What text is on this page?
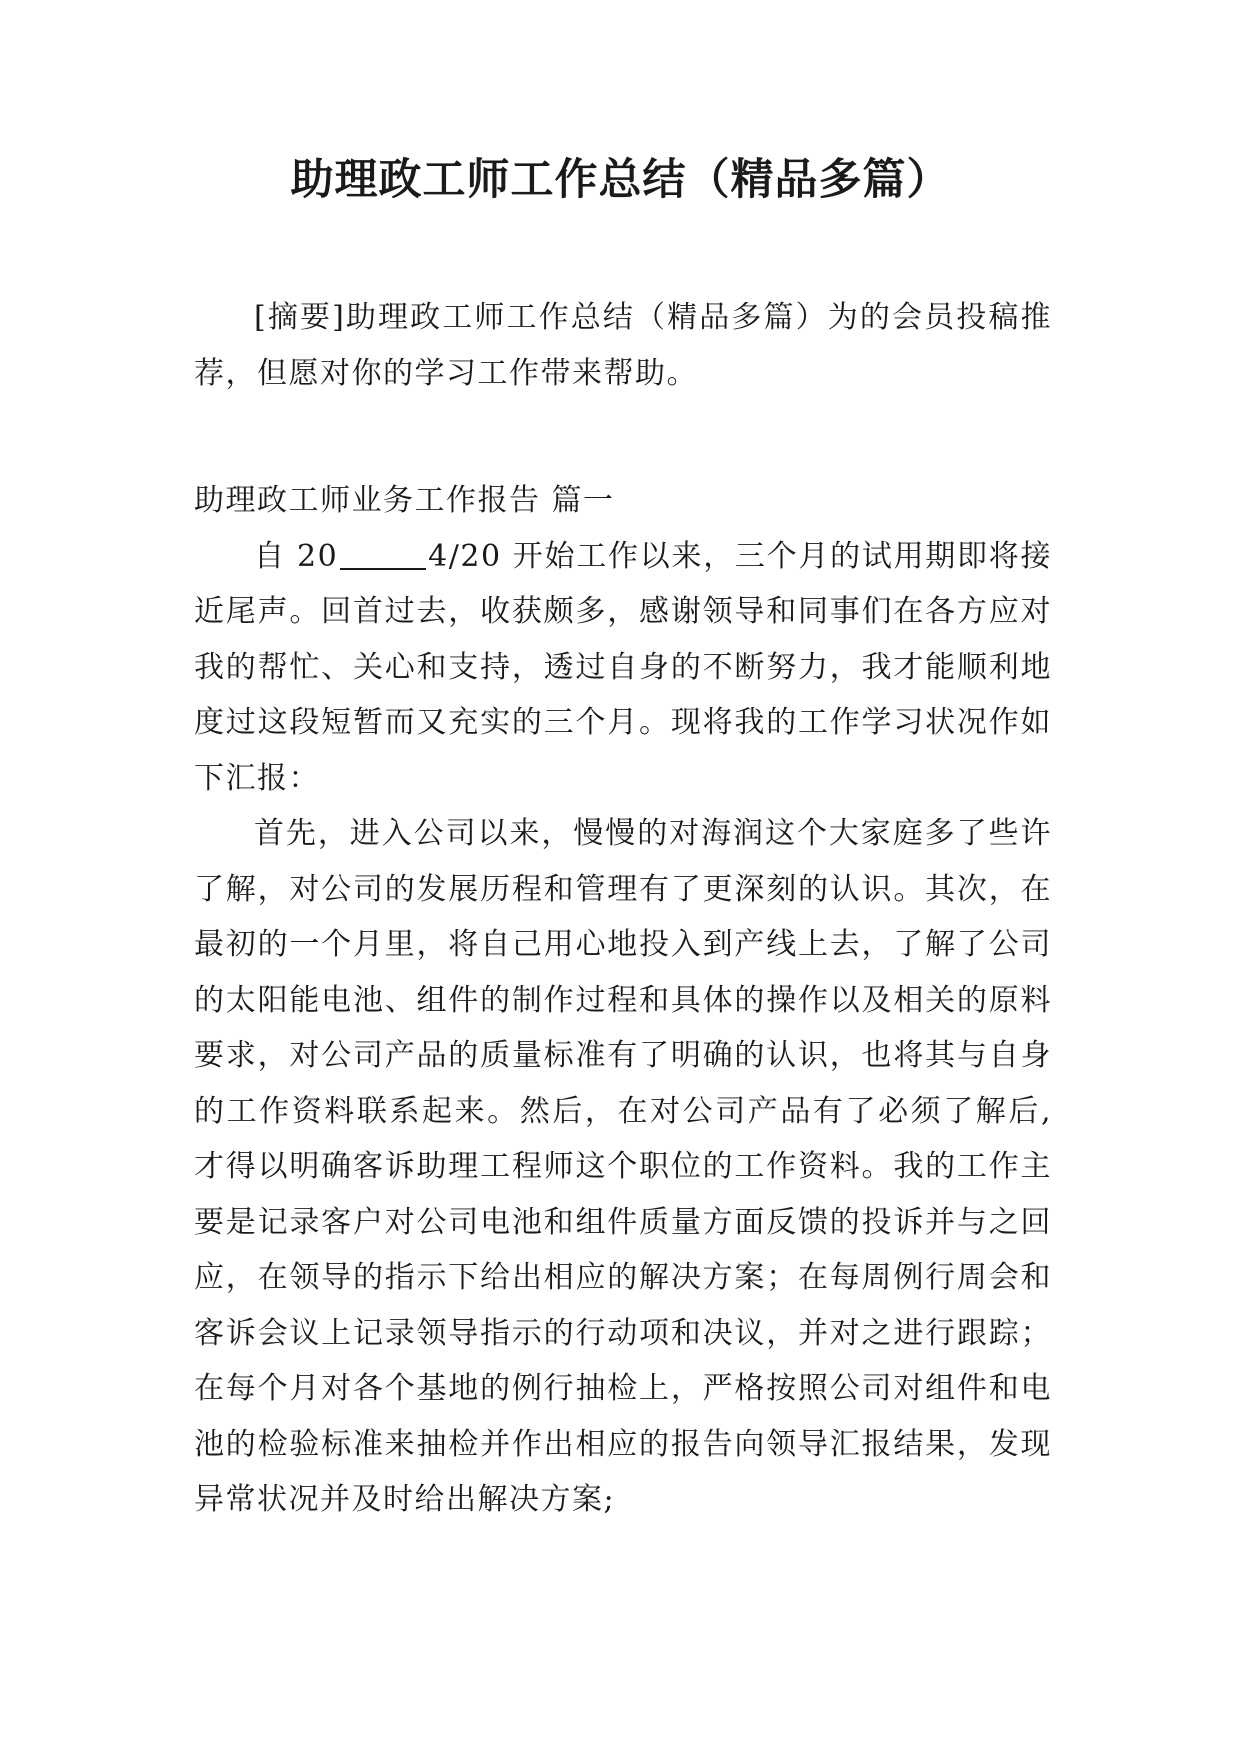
助理政工师工作总结（精品多篇）

[摘要]助理政工师工作总结（精品多篇）为的会员投稿推荐，但愿对你的学习工作带来帮助。

助理政工师业务工作报告 篇一

自 20	4/20 开始工作以来，三个月的试用期即将接近尾声。回首过去，收获颇多，感谢领导和同事们在各方应对我的帮忙、关心和支持，透过自身的不断努力，我才能顺利地度过这段短暂而又充实的三个月。现将我的工作学习状况作如下汇报：

首先，进入公司以来，慢慢的对海润这个大家庭多了些许了解，对公司的发展历程和管理有了更深刻的认识。其次，在最初的一个月里，将自己用心地投入到产线上去，了解了公司的太阳能电池、组件的制作过程和具体的操作以及相关的原料要求，对公司产品的质量标准有了明确的认识，也将其与自身的工作资料联系起来。然后，在对公司产品有了必须了解后,才得以明确客诉助理工程师这个职位的工作资料。我的工作主要是记录客户对公司电池和组件质量方面反馈的投诉并与之回应，在领导的指示下给出相应的解决方案；在每周例行周会和客诉会议上记录领导指示的行动项和决议，并对之进行跟踪；在每个月对各个基地的例行抽检上，严格按照公司对组件和电池的检验标准来抽检并作出相应的报告向领导汇报结果，发现异常状况并及时给出解决方案;
